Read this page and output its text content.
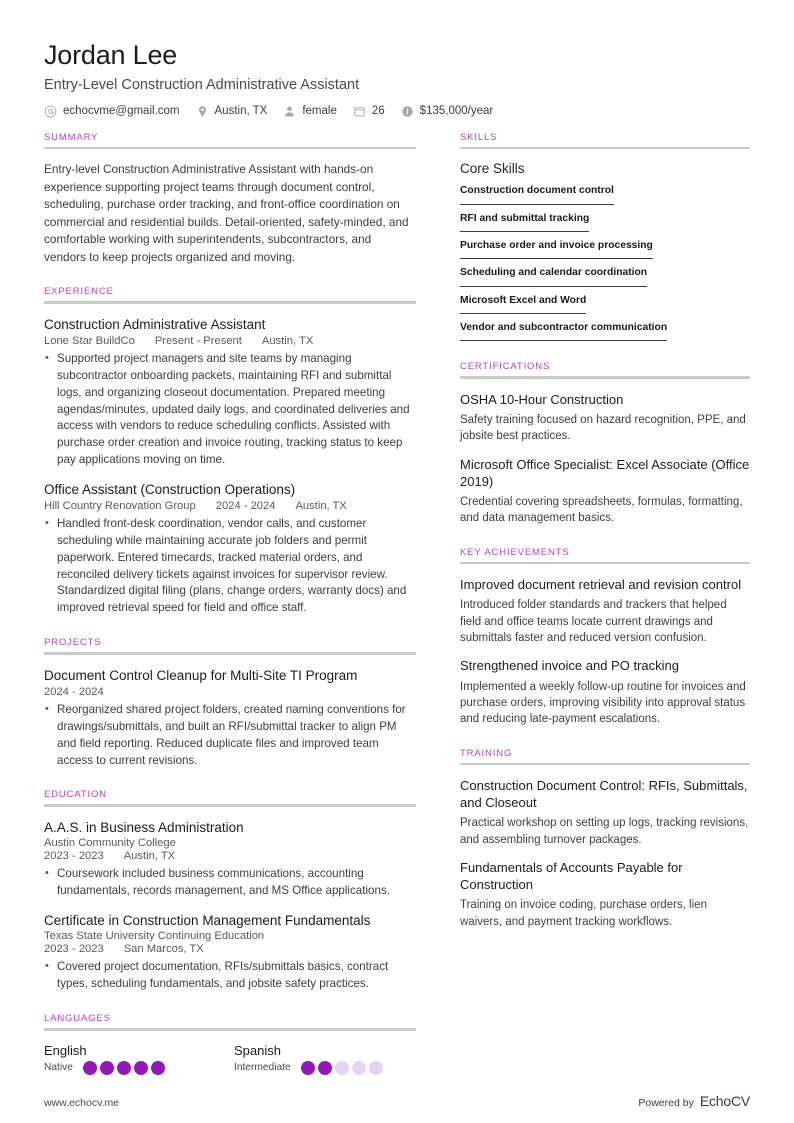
Jordan Lee
Entry-Level Construction Administrative Assistant
echocvme@gmail.com	Austin, TX	female	26	$135,000/year
SUMMARY
Entry-level Construction Administrative Assistant with hands-on experience supporting project teams through document control, scheduling, purchase order tracking, and front-office coordination on commercial and residential builds. Detail-oriented, safety-minded, and comfortable working with superintendents, subcontractors, and vendors to keep projects organized and moving.
EXPERIENCE
Construction Administrative Assistant
Lone Star BuildCo Present - Present Austin, TX
• Supported project managers and site teams by managing subcontractor onboarding packets, maintaining RFI and submittal logs, and organizing closeout documentation. Prepared meeting agendas/minutes, updated daily logs, and coordinated deliveries and access with vendors to reduce scheduling conflicts. Assisted with purchase order creation and invoice routing, tracking status to keep pay applications moving on time.
Office Assistant (Construction Operations)
Hill Country Renovation Group 2024 - 2024 Austin, TX
• Handled front-desk coordination, vendor calls, and customer scheduling while maintaining accurate job folders and permit paperwork. Entered timecards, tracked material orders, and reconciled delivery tickets against invoices for supervisor review. Standardized digital filing (plans, change orders, warranty docs) and improved retrieval speed for field and office staff.
PROJECTS
Document Control Cleanup for Multi-Site TI Program
2024 - 2024
• Reorganized shared project folders, created naming conventions for drawings/submittals, and built an RFI/submittal tracker to align PM and field reporting. Reduced duplicate files and improved team access to current revisions.
EDUCATION
A.A.S. in Business Administration
Austin Community College
2023 - 2023 Austin, TX
• Coursework included business communications, accounting fundamentals, records management, and MS Office applications.
Certificate in Construction Management Fundamentals
Texas State University Continuing Education
2023 - 2023 San Marcos, TX
• Covered project documentation, RFIs/submittals basics, contract types, scheduling fundamentals, and jobsite safety practices.
LANGUAGES
English
Native
Spanish
Intermediate
SKILLS
Core Skills
Construction document control
RFI and submittal tracking
Purchase order and invoice processing
Scheduling and calendar coordination
Microsoft Excel and Word
Vendor and subcontractor communication
CERTIFICATIONS
OSHA 10-Hour Construction
Safety training focused on hazard recognition, PPE, and jobsite best practices.
Microsoft Office Specialist: Excel Associate (Office 2019)
Credential covering spreadsheets, formulas, formatting, and data management basics.
KEY ACHIEVEMENTS
Improved document retrieval and revision control
Introduced folder standards and trackers that helped field and office teams locate current drawings and submittals faster and reduced version confusion.
Strengthened invoice and PO tracking
Implemented a weekly follow-up routine for invoices and purchase orders, improving visibility into approval status and reducing late-payment escalations.
TRAINING
Construction Document Control: RFIs, Submittals, and Closeout
Practical workshop on setting up logs, tracking revisions, and assembling turnover packages.
Fundamentals of Accounts Payable for Construction
Training on invoice coding, purchase orders, lien waivers, and payment tracking workflows.
www.echocv.me	Powered by EchoCV
